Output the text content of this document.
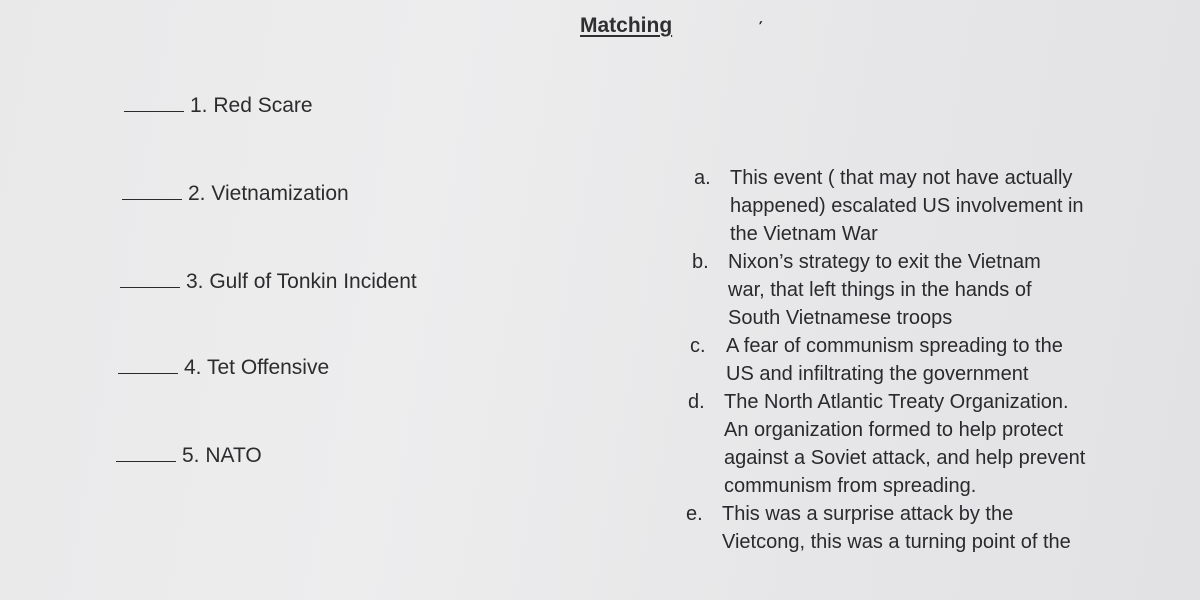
Matching	ˊ
1. Red Scare
2. Vietnamization
3. Gulf of Tonkin Incident
4. Tet Offensive
5. NATO
a. This event ( that may not have actually
happened) escalated US involvement in
the Vietnam War
b. Nixon’s strategy to exit the Vietnam
war, that left things in the hands of
South Vietnamese troops
c.	A fear of communism spreading to the
US and infiltrating the government
d. The North Atlantic Treaty Organization.
An organization formed to help protect
against a Soviet attack, and help prevent
communism from spreading.
e. This was a surprise attack by the
Vietcong, this was a turning point of the
